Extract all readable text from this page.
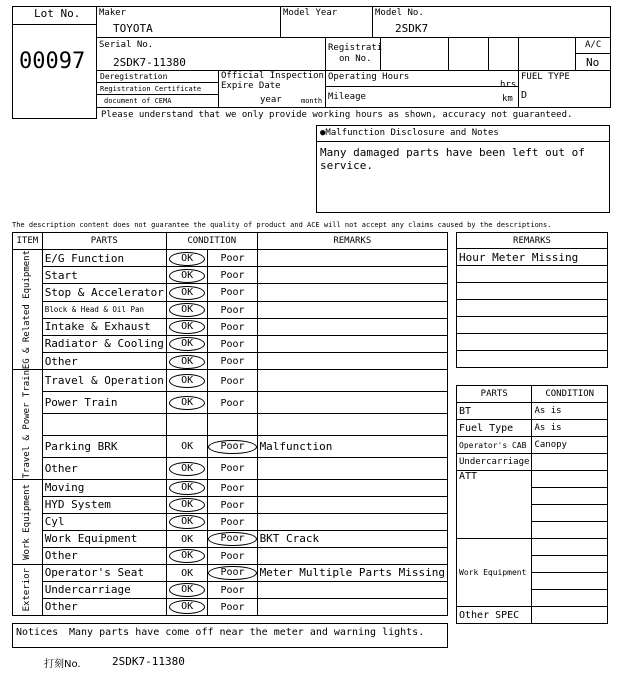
Lot No.
00097
Maker
TOYOTA
Model Year	Model No.
2SDK7
Serial No.
2SDK7-11380
Registrati
on No.
A/C
No
Deregistration
Registration Certificate
document of CEMA
Official Inspection
Expire Date
year	month
Operating Hours
hrs
Mileage	km
FUEL TYPE
D
Please understand that we only provide working hours as shown, accuracy not guaranteed.
●Malfunction Disclosure and Notes
Many damaged parts have been left out of service.
The description content does not guarantee the quality of product and ACE will not accept any claims caused by the descriptions.
ITEM	PARTS	CONDITION		REMARKS

EG & Related Equipment	E/G Function	OK	Poor	
	Start	OK	Poor	
	Stop & Accelerator	OK	Poor	
	Block & Head & Oil Pan	OK	Poor	
	Intake & Exhaust	OK	Poor	
	Radiator & Cooling	OK	Poor	
	Other	OK	Poor	

Travel & Power Train	Travel & Operation	OK	Poor	
	Power Train	OK	Poor	

	Parking BRK	OK	Poor	Malfunction
	Other	OK	Poor	

Work Equipment	Moving	OK	Poor	
	HYD System	OK	Poor	
	Cyl	OK	Poor	
	Work Equipment	OK	Poor	BKT Crack
	Other	OK	Poor	

Exterior	Operator's Seat	OK	Poor	Meter Multiple Parts Missing
	Undercarriage	OK	Poor	
	Other	OK	Poor	
REMARKS
Hour Meter Missing

PARTS	CONDITION
BT	As is
Fuel Type	As is
Operator's CAB	Canopy
Undercarriage	
ATT	

Work Equipment	

Other SPEC	
Notices Many parts have come off near the meter and warning lights.
打刻No.	2SDK7-11380
